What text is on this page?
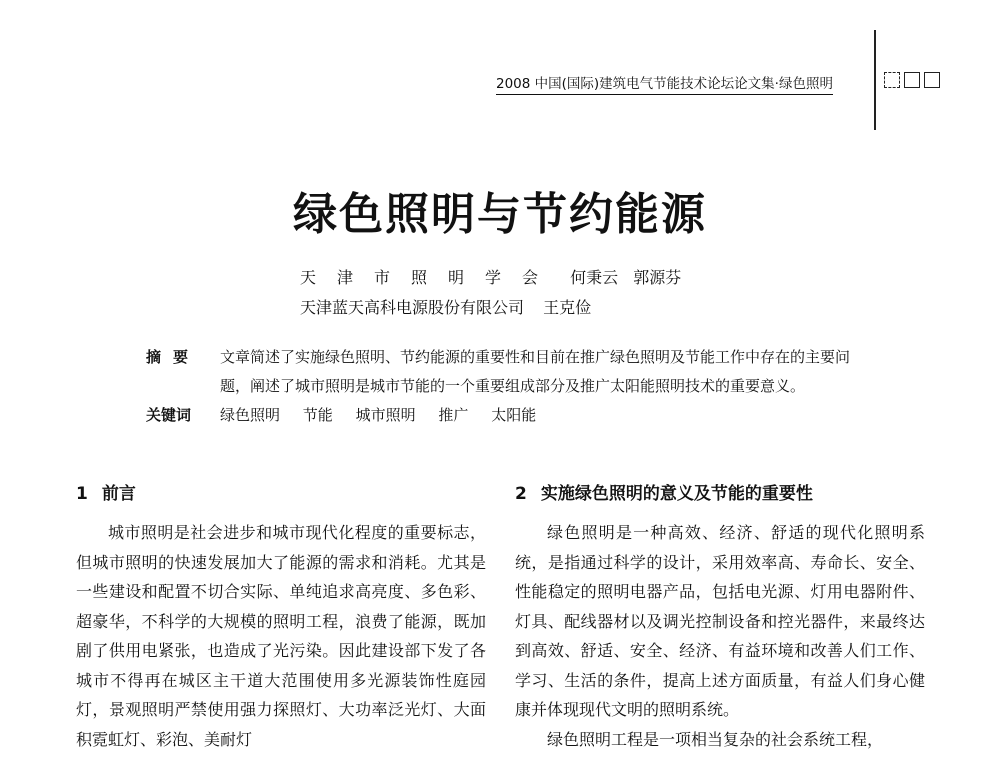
2008 中国(国际)建筑电气节能技术论坛论文集·绿色照明
绿色照明与节约能源
天津市照明学会 何秉云 郭源芬
天津蓝天高科电源股份有限公司 王克俭
摘要	文章简述了实施绿色照明、节约能源的重要性和目前在推广绿色照明及节能工作中存在的主要问题，阐述了城市照明是城市节能的一个重要组成部分及推广太阳能照明技术的重要意义。
关键词	绿色照明 节能 城市照明 推广 太阳能
1 前言

城市照明是社会进步和城市现代化程度的重要标志，但城市照明的快速发展加大了能源的需求和消耗。尤其是一些建设和配置不切合实际、单纯追求高亮度、多色彩、超豪华，不科学的大规模的照明工程，浪费了能源，既加剧了供用电紧张，也造成了光污染。因此建设部下发了各城市不得再在城区主干道大范围使用多光源装饰性庭园灯，景观照明严禁使用强力探照灯、大功率泛光灯、大面积霓虹灯、彩泡、美耐灯

2 实施绿色照明的意义及节能的重要性

绿色照明是一种高效、经济、舒适的现代化照明系统，是指通过科学的设计，采用效率高、寿命长、安全、性能稳定的照明电器产品，包括电光源、灯用电器附件、灯具、配线器材以及调光控制设备和控光器件，来最终达到高效、舒适、安全、经济、有益环境和改善人们工作、学习、生活的条件，提高上述方面质量，有益人们身心健康并体现现代文明的照明系统。

绿色照明工程是一项相当复杂的社会系统工程，
